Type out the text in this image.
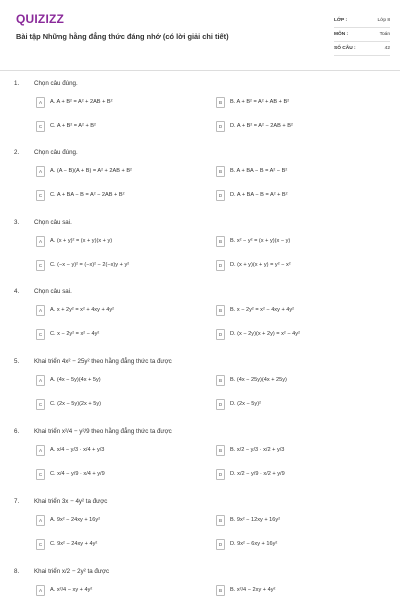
QUIZIZZ
Bài tập Những hằng đẳng thức đáng nhớ (có lời giải chi tiết)
LỚP :	Lớp 8
MÔN :	Toán
SỐ CÂU :	42
1. Chọn câu đúng.
A	A. A + B² = A² + 2AB + B²	B	B. A + B² = A² + AB + B²
C	C. A + B² = A² + B²	D	D. A + B² = A² − 2AB + B²
2. Chọn câu đúng.
A	A. (A − B)(A + B) = A² + 2AB + B²	B	B. A + BA − B = A² − B²
C	C. A + BA − B = A² − 2AB + B²	D	D. A + BA − B = A² + B²
3. Chọn câu sai.
A	A. (x + y)² = (x + y)(x + y)	B	B. x² − y² = (x + y)(x − y)
C	C. (−x − y)² = (−x)² − 2(−x)y + y²	D	D. (x + y)(x + y) = y² − x²
4. Chọn câu sai.
A	A. x + 2y² = x² + 4xy + 4y²	B	B. x − 2y² = x² − 4xy + 4y²
C	C. x − 2y² = x² − 4y²	D	D. (x − 2y)(x + 2y) = x² − 4y²
5. Khai triển 4x² − 25y² theo hằng đẳng thức ta được
A	A. (4x − 5y)(4x + 5y)	B	B. (4x − 25y)(4x + 25y)
C	C. (2x − 5y)(2x + 5y)	D	D. (2x − 5y)²
6. Khai triển x²/4 − y²/9 theo hằng đẳng thức ta được
A	A. x/4 − y/3 · x/4 + y/3	B	B. x/2 − y/3 · x/2 + y/3
C	C. x/4 − y/9 · x/4 + y/9	D	D. x/2 − y/9 · x/2 + y/9
7. Khai triển 3x − 4y² ta được
A	A. 9x² − 24xy + 16y²	B	B. 9x² − 12xy + 16y²
C	C. 9x² − 24xy + 4y²	D	D. 9x² − 6xy + 16y²
8. Khai triển x/2 − 2y² ta được
A	A. x²/4 − xy + 4y²	B	B. x²/4 − 2xy + 4y²
